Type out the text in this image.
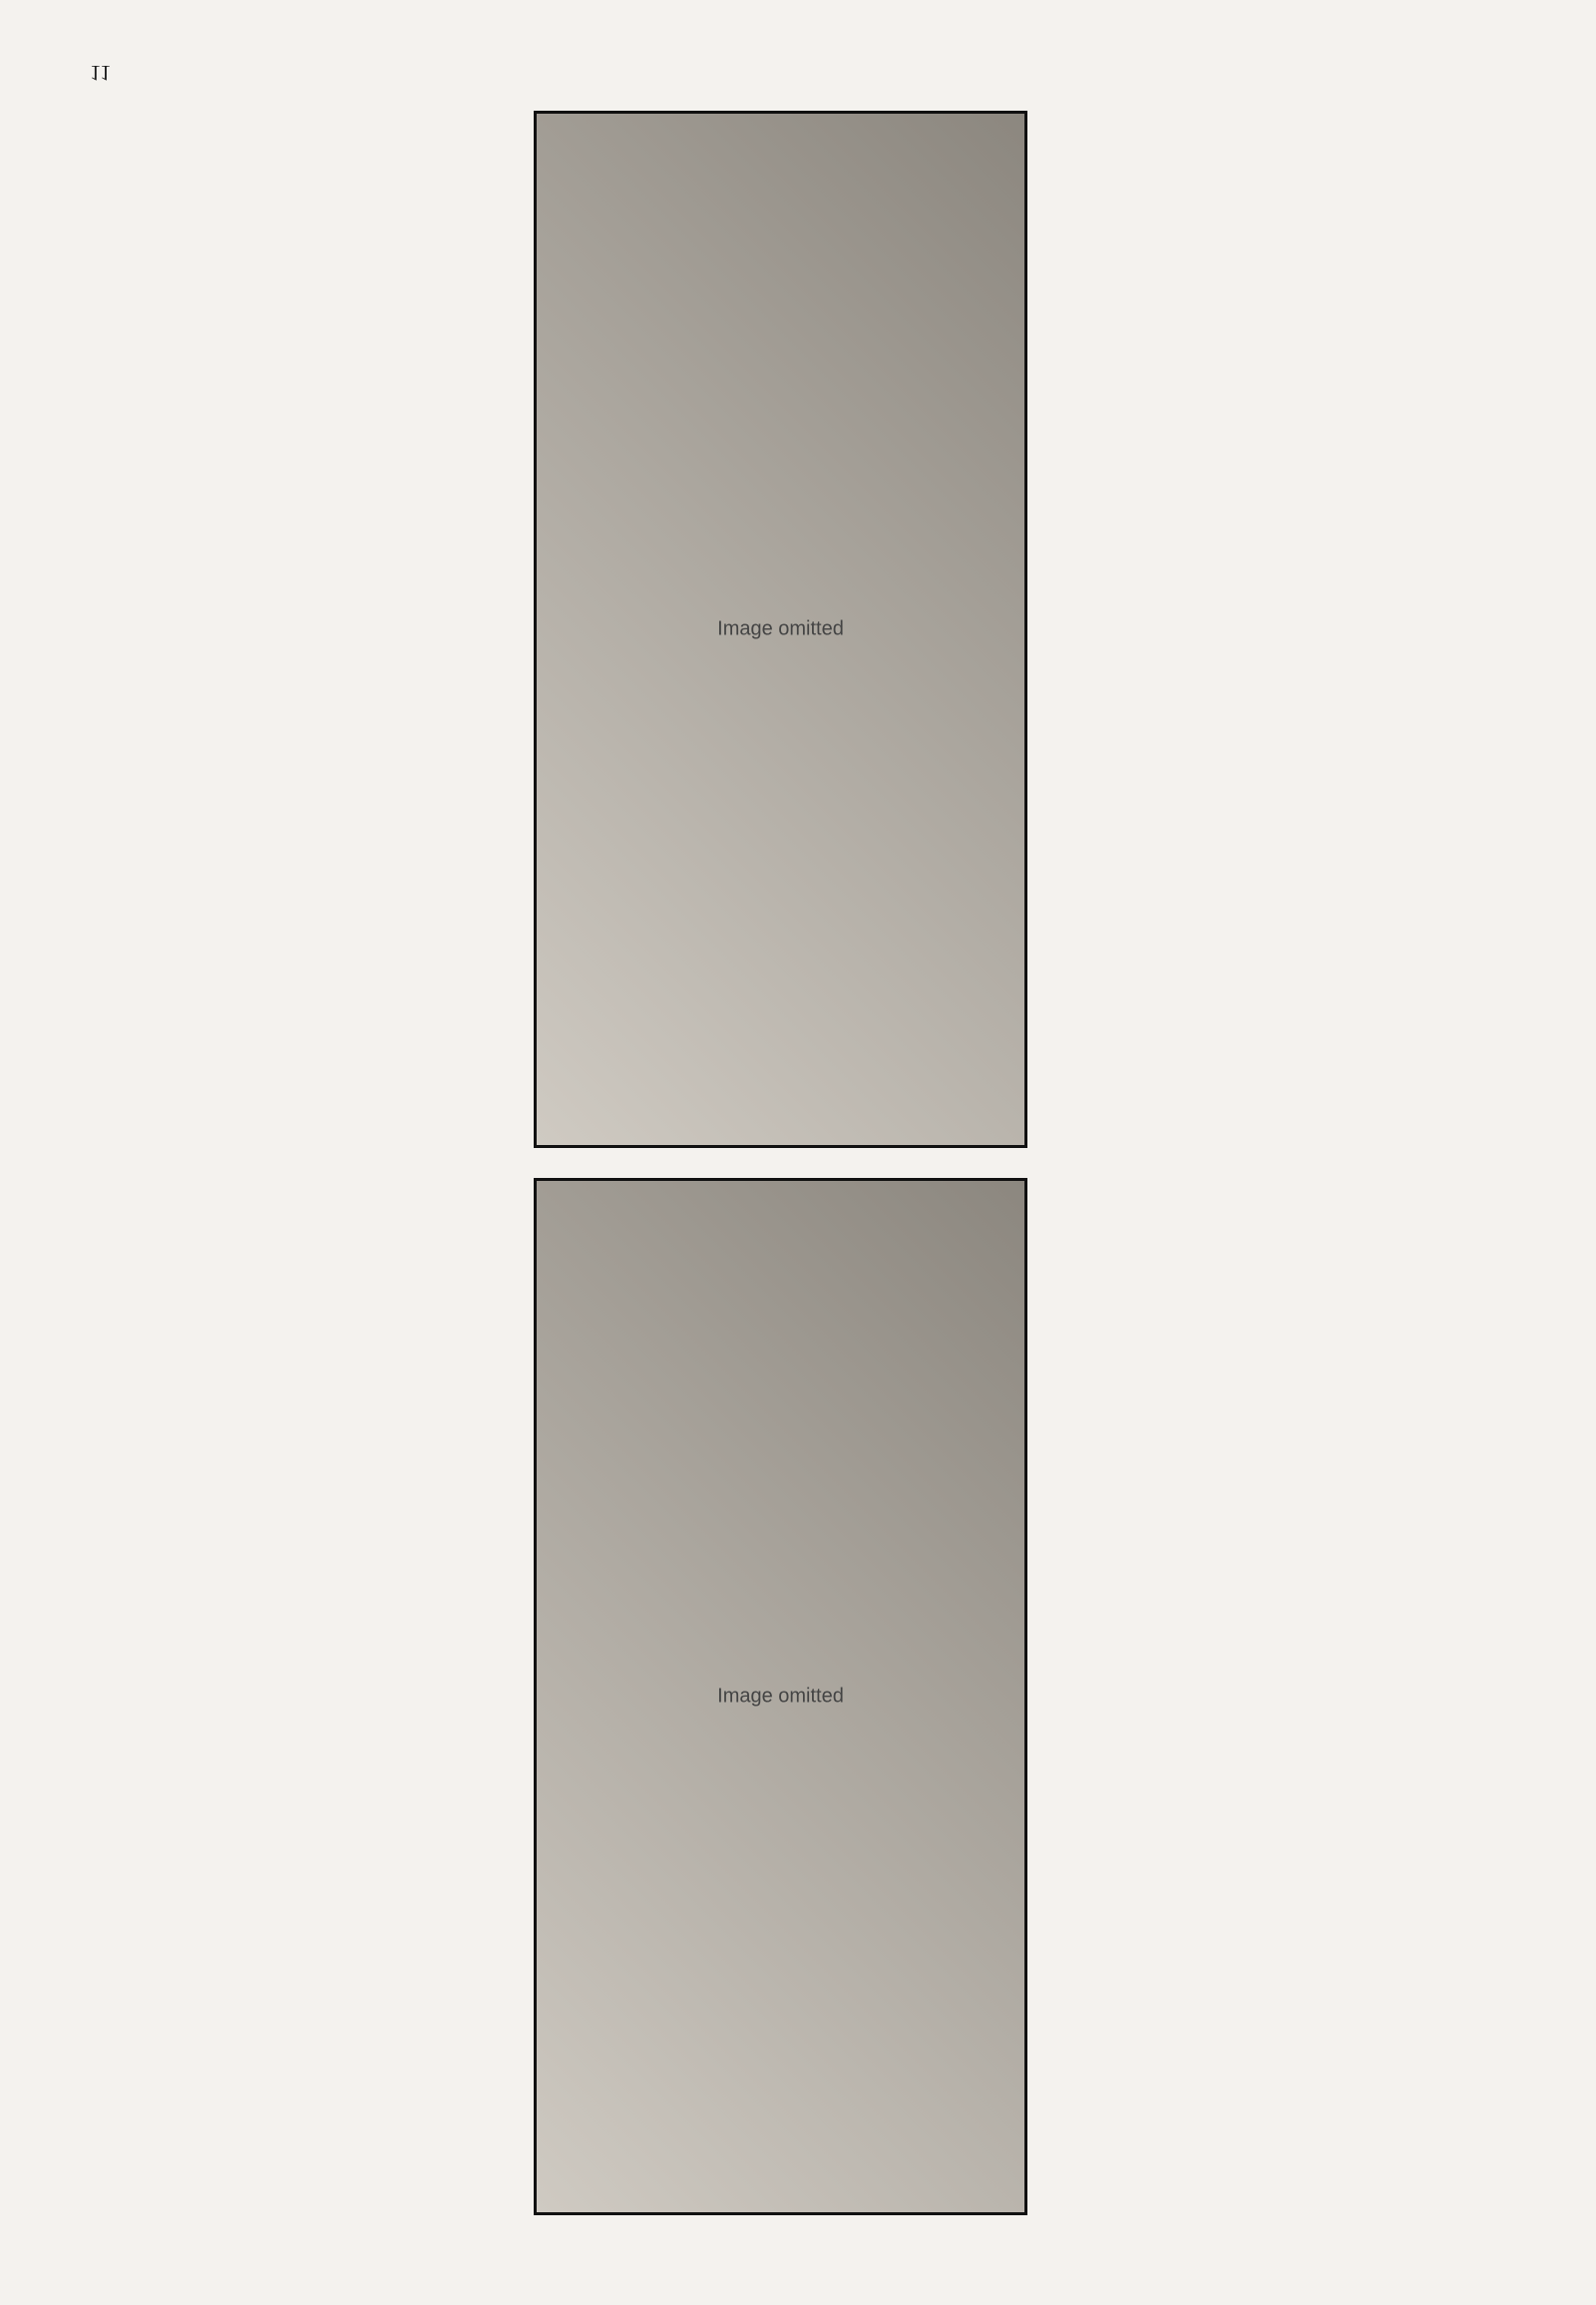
Image omitted
Image omitted

11
